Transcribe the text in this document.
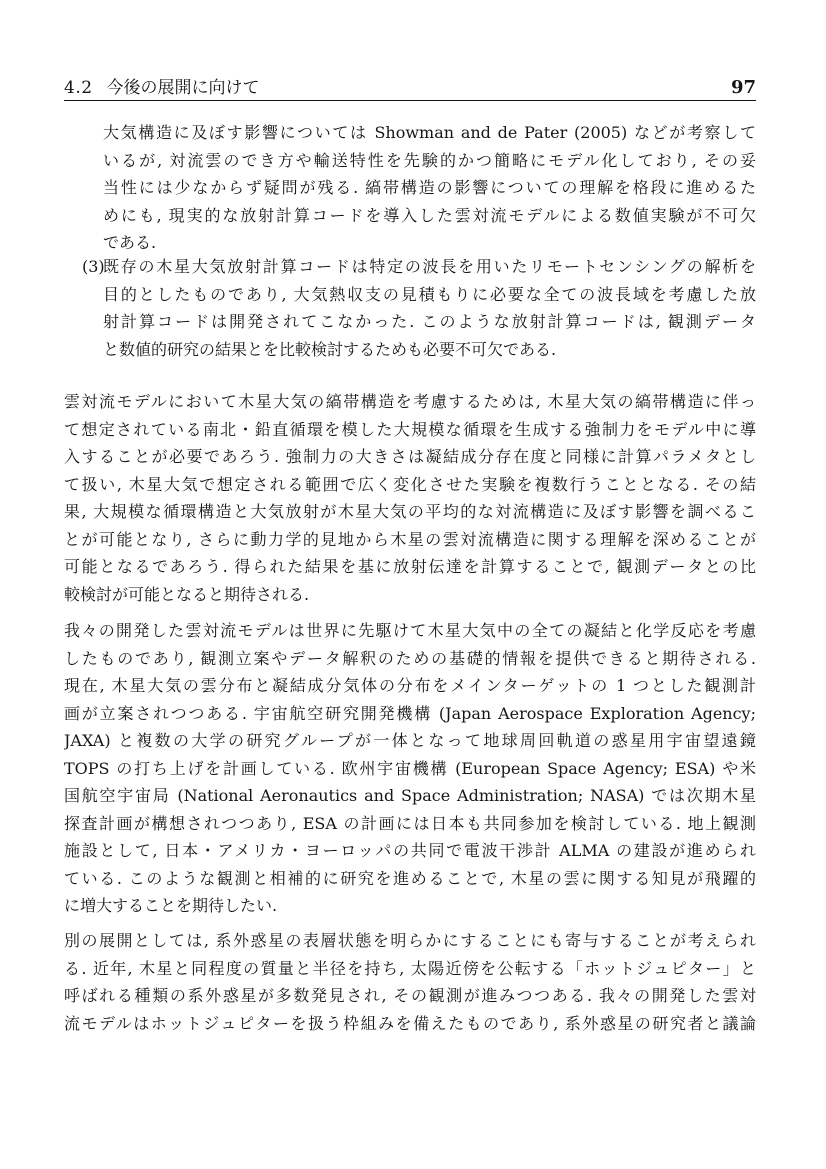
4.2 今後の展開に向けて	97
大気構造に及ぼす影響については Showman and de Pater (2005) などが考察して
いるが, 対流雲のでき方や輸送特性を先験的かつ簡略にモデル化しており, その妥
当性には少なからず疑問が残る. 縞帯構造の影響についての理解を格段に進めるた
めにも, 現実的な放射計算コードを導入した雲対流モデルによる数値実験が不可欠
である.
(3)
既存の木星大気放射計算コードは特定の波長を用いたリモートセンシングの解析を
目的としたものであり, 大気熱収支の見積もりに必要な全ての波長域を考慮した放
射計算コードは開発されてこなかった. このような放射計算コードは, 観測データ
と数値的研究の結果とを比較検討するためも必要不可欠である.
雲対流モデルにおいて木星大気の縞帯構造を考慮するためは, 木星大気の縞帯構造に伴っ
て想定されている南北・鉛直循環を模した大規模な循環を生成する強制力をモデル中に導
入することが必要であろう. 強制力の大きさは凝結成分存在度と同様に計算パラメタとし
て扱い, 木星大気で想定される範囲で広く変化させた実験を複数行うこととなる. その結
果, 大規模な循環構造と大気放射が木星大気の平均的な対流構造に及ぼす影響を調べるこ
とが可能となり, さらに動力学的見地から木星の雲対流構造に関する理解を深めることが
可能となるであろう. 得られた結果を基に放射伝達を計算することで, 観測データとの比
較検討が可能となると期待される.
我々の開発した雲対流モデルは世界に先駆けて木星大気中の全ての凝結と化学反応を考慮
したものであり, 観測立案やデータ解釈のための基礎的情報を提供できると期待される.
現在, 木星大気の雲分布と凝結成分気体の分布をメインターゲットの 1 つとした観測計
画が立案されつつある. 宇宙航空研究開発機構 (Japan Aerospace Exploration Agency;
JAXA) と複数の大学の研究グループが一体となって地球周回軌道の惑星用宇宙望遠鏡
TOPS の打ち上げを計画している. 欧州宇宙機構 (European Space Agency; ESA) や米
国航空宇宙局 (National Aeronautics and Space Administration; NASA) では次期木星
探査計画が構想されつつあり, ESA の計画には日本も共同参加を検討している. 地上観測
施設として, 日本・アメリカ・ヨーロッパの共同で電波干渉計 ALMA の建設が進められ
ている. このような観測と相補的に研究を進めることで, 木星の雲に関する知見が飛躍的
に増大することを期待したい.
別の展開としては, 系外惑星の表層状態を明らかにすることにも寄与することが考えられ
る. 近年, 木星と同程度の質量と半径を持ち, 太陽近傍を公転する「ホットジュピター」と
呼ばれる種類の系外惑星が多数発見され, その観測が進みつつある. 我々の開発した雲対
流モデルはホットジュピターを扱う枠組みを備えたものであり, 系外惑星の研究者と議論
